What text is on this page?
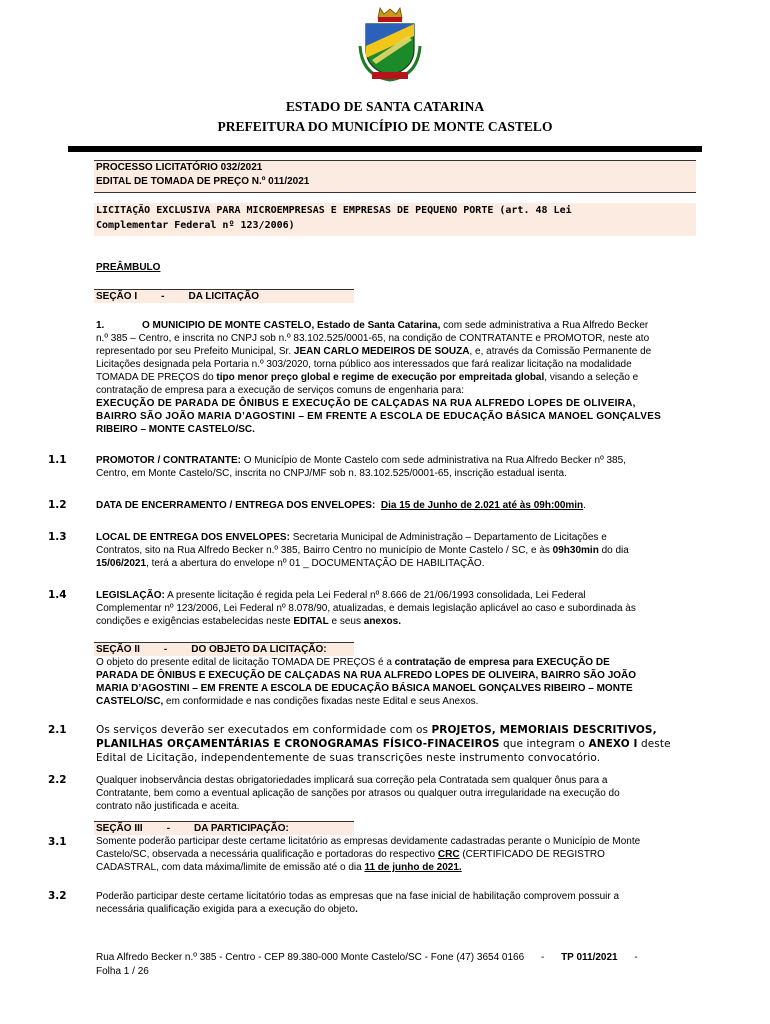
ESTADO DE SANTA CATARINA
PREFEITURA DO MUNICÍPIO DE MONTE CASTELO
PROCESSO LICITATÓRIO 032/2021
EDITAL DE TOMADA DE PREÇO N.º 011/2021
LICITAÇÃO EXCLUSIVA PARA MICROEMPRESAS E EMPRESAS DE PEQUENO PORTE (art. 48 Lei
Complementar Federal nº 123/2006)
PREÂMBULO
SEÇÃO I - DA LICITAÇÃO
1.	O MUNICIPIO DE MONTE CASTELO, Estado de Santa Catarina, com sede administrativa a Rua Alfredo Becker
n.º 385 – Centro, e inscrita no CNPJ sob n.º 83.102.525/0001-65, na condição de CONTRATANTE e PROMOTOR, neste ato
representado por seu Prefeito Municipal, Sr. JEAN CARLO MEDEIROS DE SOUZA, e, através da Comissão Permanente de
Licitações designada pela Portaria n.º 303/2020, torna público aos interessados que fará realizar licitação na modalidade
TOMADA DE PREÇOS do tipo menor preço global e regime de execução por empreitada global, visando a seleção e
contratação de empresa para a execução de serviços comuns de engenharia para:
EXECUÇÃO DE PARADA DE ÔNIBUS E EXECUÇÃO DE CALÇADAS NA RUA ALFREDO LOPES DE OLIVEIRA,
BAIRRO SÃO JOÃO MARIA D’AGOSTINI – EM FRENTE A ESCOLA DE EDUCAÇÃO BÁSICA MANOEL GONÇALVES
RIBEIRO – MONTE CASTELO/SC.
1.1	PROMOTOR / CONTRATANTE: O Município de Monte Castelo com sede administrativa na Rua Alfredo Becker nº 385,
Centro, em Monte Castelo/SC, inscrita no CNPJ/MF sob n. 83.102.525/0001-65, inscrição estadual isenta.
1.2	DATA DE ENCERRAMENTO / ENTREGA DOS ENVELOPES: Dia 15 de Junho de 2.021 até às 09h:00min.
1.3	LOCAL DE ENTREGA DOS ENVELOPES: Secretaria Municipal de Administração – Departamento de Licitações e
Contratos, sito na Rua Alfredo Becker n.º 385, Bairro Centro no município de Monte Castelo / SC, e às 09h30min do dia
15/06/2021, terá a abertura do envelope nº 01 _ DOCUMENTAÇÃO DE HABILITAÇÃO.
1.4	LEGISLAÇÃO: A presente licitação é regida pela Lei Federal nº 8.666 de 21/06/1993 consolidada, Lei Federal
Complementar nº 123/2006, Lei Federal nº 8.078/90, atualizadas, e demais legislação aplicável ao caso e subordinada às
condições e exigências estabelecidas neste EDITAL e seus anexos.
SEÇÃO II - DO OBJETO DA LICITAÇÃO:
O objeto do presente edital de licitação TOMADA DE PREÇOS é a contratação de empresa para EXECUÇÃO DE
PARADA DE ÔNIBUS E EXECUÇÃO DE CALÇADAS NA RUA ALFREDO LOPES DE OLIVEIRA, BAIRRO SÃO JOÃO
MARIA D’AGOSTINI – EM FRENTE A ESCOLA DE EDUCAÇÃO BÁSICA MANOEL GONÇALVES RIBEIRO – MONTE
CASTELO/SC, em conformidade e nas condições fixadas neste Edital e seus Anexos.
2.1	Os serviços deverão ser executados em conformidade com os PROJETOS, MEMORIAIS DESCRITIVOS,
PLANILHAS ORÇAMENTÁRIAS E CRONOGRAMAS FÍSICO-FINACEIROS que integram o ANEXO I deste
Edital de Licitação, independentemente de suas transcrições neste instrumento convocatório.
2.2	Qualquer inobservância destas obrigatoriedades implicará sua correção pela Contratada sem qualquer ônus para a
Contratante, bem como a eventual aplicação de sanções por atrasos ou qualquer outra irregularidade na execução do
contrato não justificada e aceita.
SEÇÃO III - DA PARTICIPAÇÃO:
3.1	Somente poderão participar deste certame licitatório as empresas devidamente cadastradas perante o Município de Monte
Castelo/SC, observada a necessária qualificação e portadoras do respectivo CRC (CERTIFICADO DE REGISTRO
CADASTRAL, com data máxima/limite de emissão até o dia 11 de junho de 2021.
3.2	Poderão participar deste certame licitatório todas as empresas que na fase inicial de habilitação comprovem possuir a
necessária qualificação exigida para a execução do objeto.
Rua Alfredo Becker n.º 385 - Centro - CEP 89.380-000 Monte Castelo/SC - Fone (47) 3654 0166 - TP 011/2021 -
Folha 1 / 26
